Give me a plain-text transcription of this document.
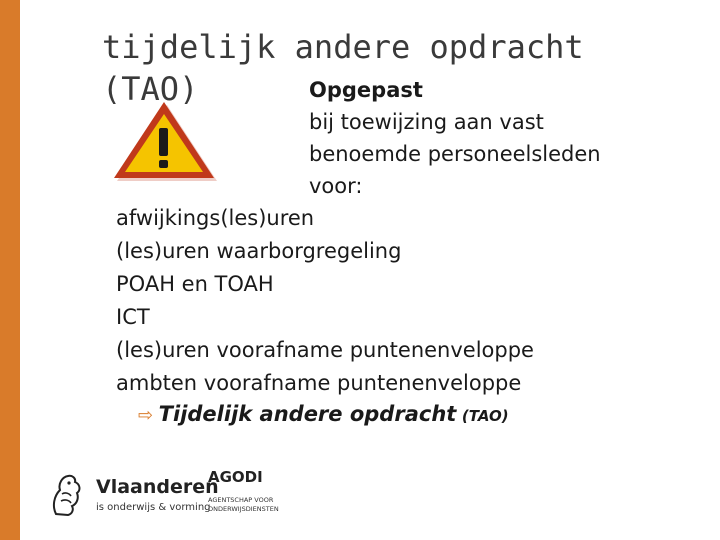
tijdelijk andere opdracht
(TAO)	Opgepast
bij toewijzing aan vast benoemde personeelsleden voor:
afwijkings(les)uren
(les)uren waarborgregeling
POAH en TOAH
ICT
(les)uren voorafname puntenenveloppe
ambten voorafname puntenenveloppe
⇨ Tijdelijk andere opdracht (TAO)
Vlaanderen
is onderwijs & vorming
AGODI
AGENTSCHAP VOOR ONDERWIJSDIENSTEN
